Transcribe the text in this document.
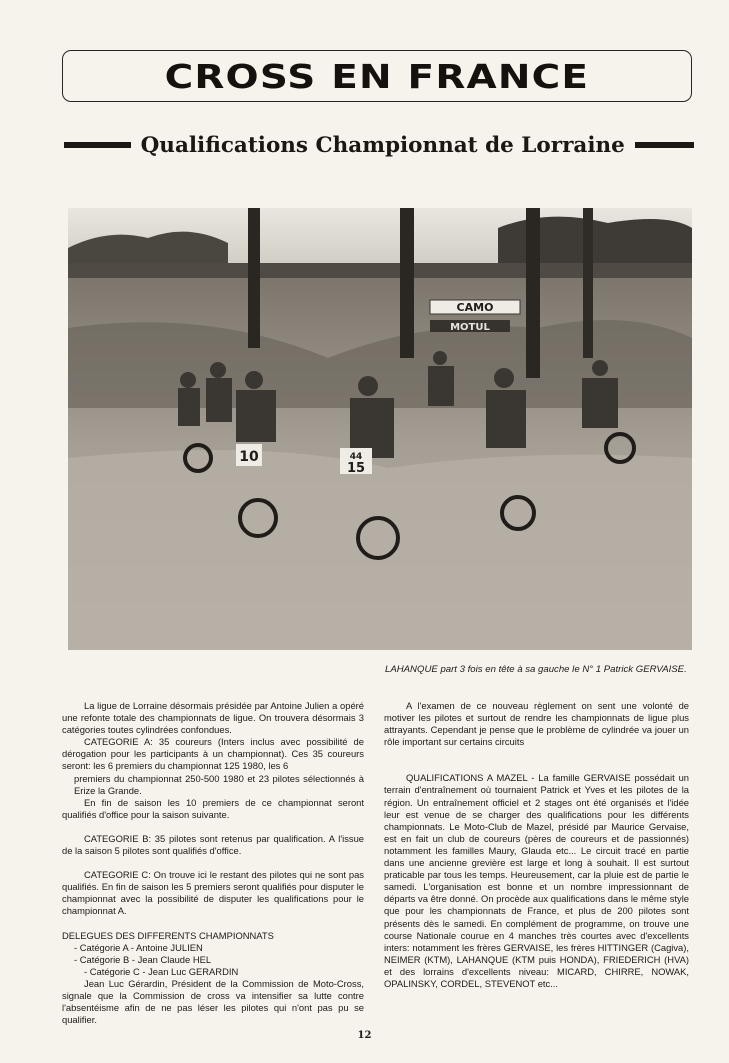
CROSS EN FRANCE
Qualifications Championnat de Lorraine
CAMO
MOTUL
10	44
15
LAHANQUE part 3 fois en tête à sa gauche le N° 1 Patrick GERVAISE.

La ligue de Lorraine désormais présidée par Antoine Julien a opéré une refonte totale des championnats de ligue. On trouvera désormais 3 catégories toutes cylindrées confondues.

CATEGORIE A: 35 coureurs (Inters inclus avec possibilité de dérogation pour les participants à un championnat). Ces 35 coureurs seront: les 6 premiers du championnat 125 1980, les 6

premiers du championnat 250-500 1980 et 23 pilotes sélectionnés à Erize la Grande.

En fin de saison les 10 premiers de ce championnat seront qualifiés d'office pour la saison suivante.

CATEGORIE B: 35 pilotes sont retenus par qualification. A l'issue de la saison 5 pilotes sont qualifiés d'office.

CATEGORIE C: On trouve ici le restant des pilotes qui ne sont pas qualifiés. En fin de saison les 5 premiers seront qualifiés pour disputer le championnat avec la possibilité de disputer les qualifications pour le championnat A.

DELEGUES DES DIFFERENTS CHAMPIONNATS

- Catégorie A - Antoine JULIEN

- Catégorie B - Jean Claude HEL

- Catégorie C - Jean Luc GERARDIN

Jean Luc Gérardin, Président de la Commission de Moto-Cross, signale que la Commission de cross va intensifier sa lutte contre l'absentéisme afin de ne pas léser les pilotes qui n'ont pas pu se qualifier.

A l'examen de ce nouveau règlement on sent une volonté de motiver les pilotes et surtout de rendre les championnats de ligue plus attrayants. Cependant je pense que le problème de cylindrée va jouer un rôle important sur certains circuits

QUALIFICATIONS A MAZEL - La famille GERVAISE possédait un terrain d'entraînement où tournaient Patrick et Yves et les pilotes de la région. Un entraînement officiel et 2 stages ont été organisés et l'idée leur est venue de se charger des qualifications pour les différents championnats. Le Moto-Club de Mazel, présidé par Maurice Gervaise, est en fait un club de coureurs (pères de coureurs et de passionnés) notamment les familles Maury, Glauda etc... Le circuit tracé en partie dans une ancienne grevière est large et long à souhait. Il est surtout praticable par tous les temps. Heureusement, car la pluie est de partie le samedi. L'organisation est bonne et un nombre impressionnant de départs va être donné. On procède aux qualifications dans le même style que pour les championnats de France, et plus de 200 pilotes sont présents dès le samedi. En complément de programme, on trouve une course Nationale courue en 4 manches très courtes avec d'excellents inters: notamment les frères GERVAISE, les frères HITTINGER (Cagiva), NEIMER (KTM), LAHANQUE (KTM puis HONDA), FRIEDERICH (HVA) et des lorrains d'excellents niveau: MICARD, CHIRRE, NOWAK, OPALINSKY, CORDEL, STEVENOT etc...

12
